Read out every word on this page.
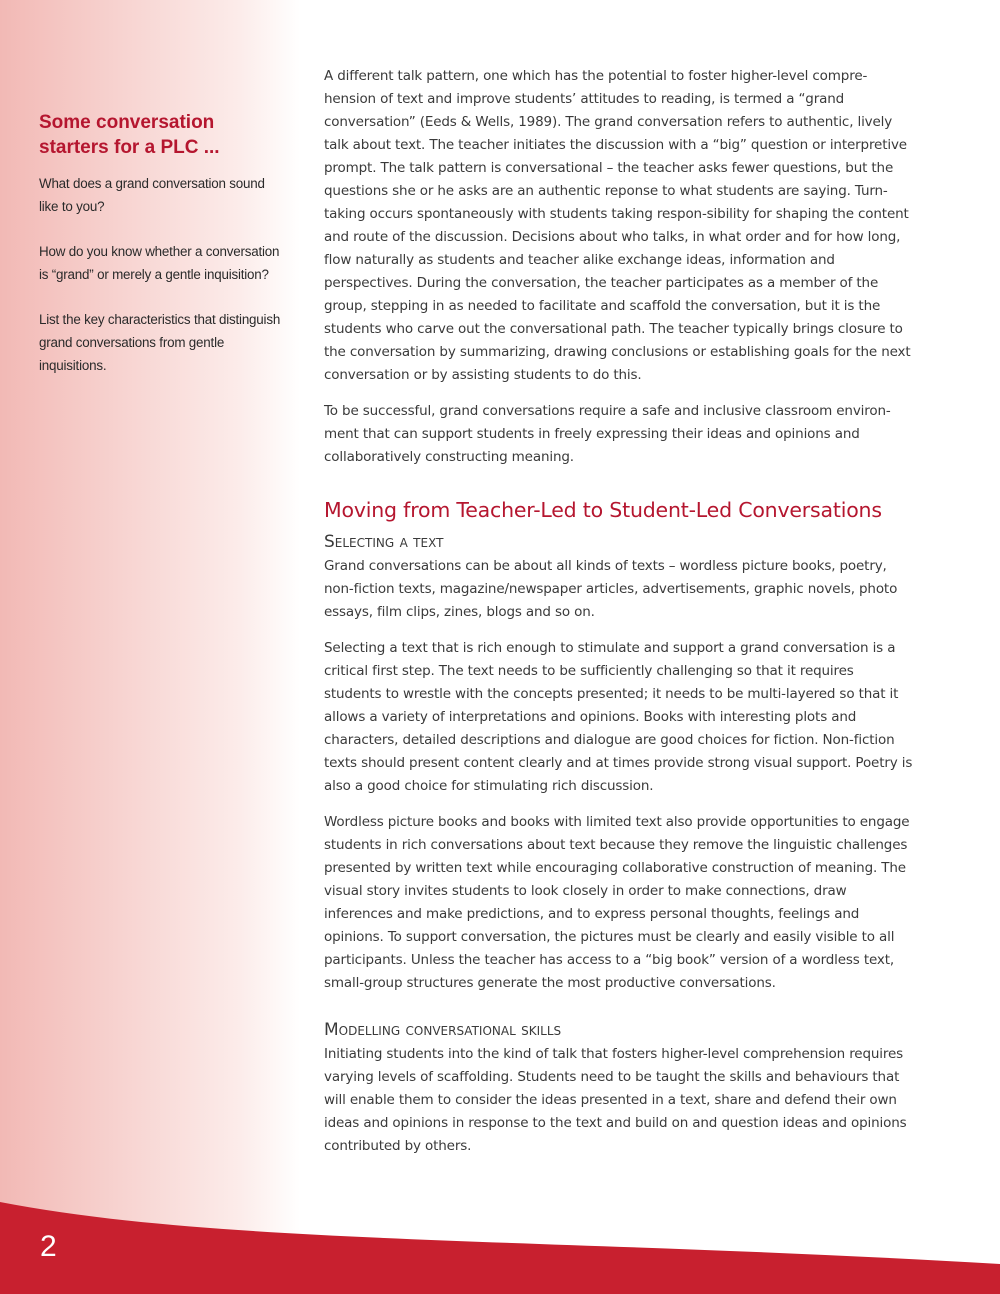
Some conversation starters for a PLC ...

What does a grand conversation sound like to you?

How do you know whether a conversation is “grand” or merely a gentle inquisition?

List the key characteristics that distinguish grand conversations from gentle inquisitions.

A different talk pattern, one which has the potential to foster higher-level compre-hension of text and improve students’ attitudes to reading, is termed a “grand conversation” (Eeds & Wells, 1989). The grand conversation refers to authentic, lively talk about text. The teacher initiates the discussion with a “big” question or interpretive prompt. The talk pattern is conversational – the teacher asks fewer questions, but the questions she or he asks are an authentic reponse to what students are saying. Turn-taking occurs spontaneously with students taking respon-sibility for shaping the content and route of the discussion. Decisions about who talks, in what order and for how long, flow naturally as students and teacher alike exchange ideas, information and perspectives. During the conversation, the teacher participates as a member of the group, stepping in as needed to facilitate and scaffold the conversation, but it is the students who carve out the conversational path. The teacher typically brings closure to the conversation by summarizing, drawing conclusions or establishing goals for the next conversation or by assisting students to do this.

To be successful, grand conversations require a safe and inclusive classroom environ-ment that can support students in freely expressing their ideas and opinions and collaboratively constructing meaning.

Moving from Teacher-Led to Student-Led Conversations
Selecting a text

Grand conversations can be about all kinds of texts – wordless picture books, poetry, non-fiction texts, magazine/newspaper articles, advertisements, graphic novels, photo essays, film clips, zines, blogs and so on.

Selecting a text that is rich enough to stimulate and support a grand conversation is a critical first step. The text needs to be sufficiently challenging so that it requires students to wrestle with the concepts presented; it needs to be multi-layered so that it allows a variety of interpretations and opinions. Books with interesting plots and characters, detailed descriptions and dialogue are good choices for fiction. Non-fiction texts should present content clearly and at times provide strong visual support. Poetry is also a good choice for stimulating rich discussion.

Wordless picture books and books with limited text also provide opportunities to engage students in rich conversations about text because they remove the linguistic challenges presented by written text while encouraging collaborative construction of meaning. The visual story invites students to look closely in order to make connections, draw inferences and make predictions, and to express personal thoughts, feelings and opinions. To support conversation, the pictures must be clearly and easily visible to all participants. Unless the teacher has access to a “big book” version of a wordless text, small-group structures generate the most productive conversations.

Modelling conversational skills

Initiating students into the kind of talk that fosters higher-level comprehension requires varying levels of scaffolding. Students need to be taught the skills and behaviours that will enable them to consider the ideas presented in a text, share and defend their own ideas and opinions in response to the text and build on and question ideas and opinions contributed by others.

2
